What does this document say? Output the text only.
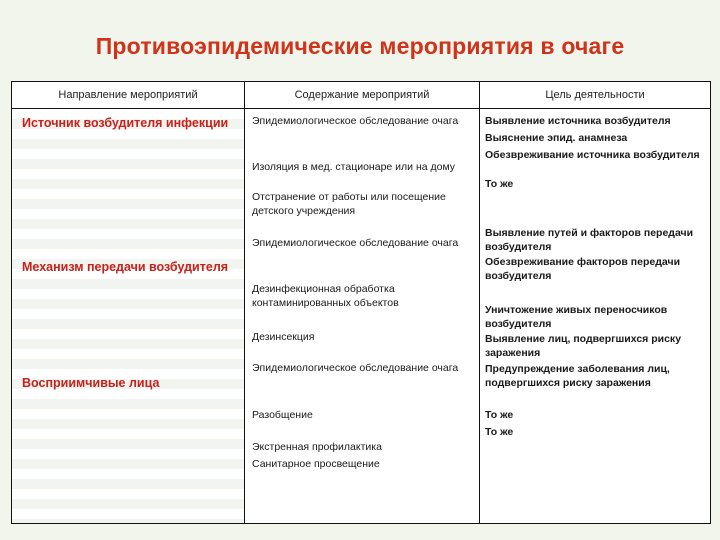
Противоэпидемические мероприятия в очаге
Источник возбудителя инфекции
Механизм передачи возбудителя
Восприимчивые лица
Эпидемиологическое обследование очага
Изоляция в мед. стационаре или на дому
Отстранение от работы или посещение детского учреждения
Эпидемиологическое обследование очага
Дезинфекционная обработка контаминированных объектов
Дезинсекция
Эпидемиологическое обследование очага
Разобщение
Экстренная профилактика
Санитарное просвещение
Выявление источника возбудителя
Выяснение эпид. анамнеза
Обезвреживание источника возбудителя
То же
Выявление путей и факторов передачи возбудителя
Обезвреживание факторов передачи возбудителя
Уничтожение живых переносчиков возбудителя
Выявление лиц, подвергшихся риску заражения
Предупреждение заболевания лиц, подвергшихся риску заражения
То же
То же
Направление мероприятий	Содержание мероприятий	Цель деятельности
